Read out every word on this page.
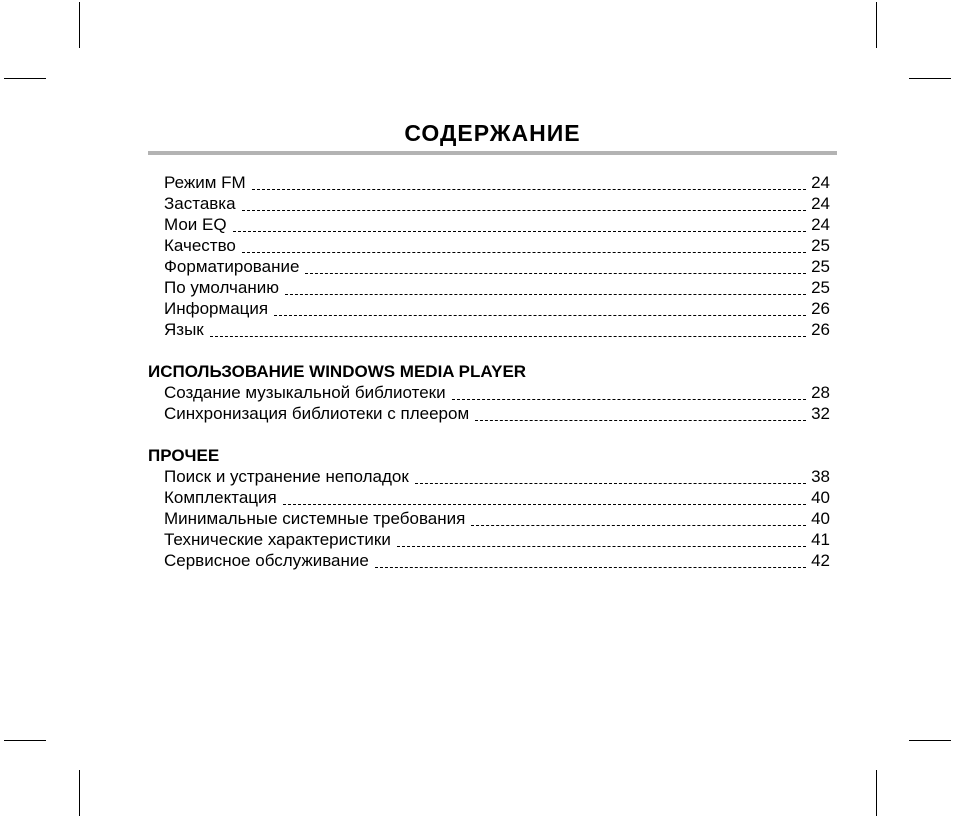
СОДЕРЖАНИЕ
Режим FM	24
Заставка	24
Мои EQ	24
Качество	25
Форматирование	25
По умолчанию	25
Информация	26
Язык	26
ИСПОЛЬЗОВАНИЕ WINDOWS MEDIA PLAYER
Создание музыкальной библиотеки	28
Синхронизация библиотеки с плеером	32
ПРОЧЕЕ
Поиск и устранение неполадок	38
Комплектация	40
Минимальные системные требования	40
Технические характеристики	41
Сервисное обслуживание	42
